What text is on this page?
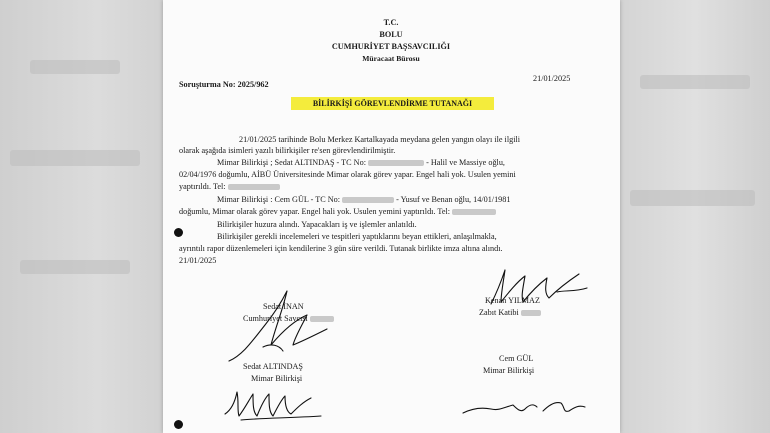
T.C.
BOLU
CUMHURİYET BAŞSAVCILIĞI
Müracaat Bürosu
Soruşturma No: 2025/962
21/01/2025
BİLİRKİŞİ GÖREVLENDİRME TUTANAĞI
21/01/2025 tarihinde Bolu Merkez Kartalkayada meydana gelen yangın olayı ile ilgili
olarak aşağıda isimleri yazılı bilirkişiler re'sen görevlendirilmiştir.
Mimar Bilirkişi ; Sedat ALTINDAŞ - TC No:	- Halil ve Massiye oğlu,
02/04/1976 doğumlu, AİBÜ Üniversitesinde Mimar olarak görev yapar. Engel hali yok. Usulen yemini
yaptırıldı. Tel:
Mimar Bilirkişi : Cem GÜL - TC No:	- Yusuf ve Benan oğlu, 14/01/1981
doğumlu, Mimar olarak görev yapar. Engel hali yok. Usulen yemini yaptırıldı. Tel:
Bilirkişiler huzura alındı. Yapacakları iş ve işlemler anlatıldı.
Bilirkişiler gerekli incelemeleri ve tespitleri yaptıklarını beyan ettikleri, anlaşılmakla,
ayrıntılı rapor düzenlemeleri için kendilerine 3 gün süre verildi. Tutanak birlikte imza altına alındı.
21/01/2025
Sedat İNAN
Cumhuriyet Savcısı
Kenan YILMAZ
Zabıt Katibi
Sedat ALTINDAŞ
Mimar Bilirkişi
Cem GÜL
Mimar Bilirkişi
